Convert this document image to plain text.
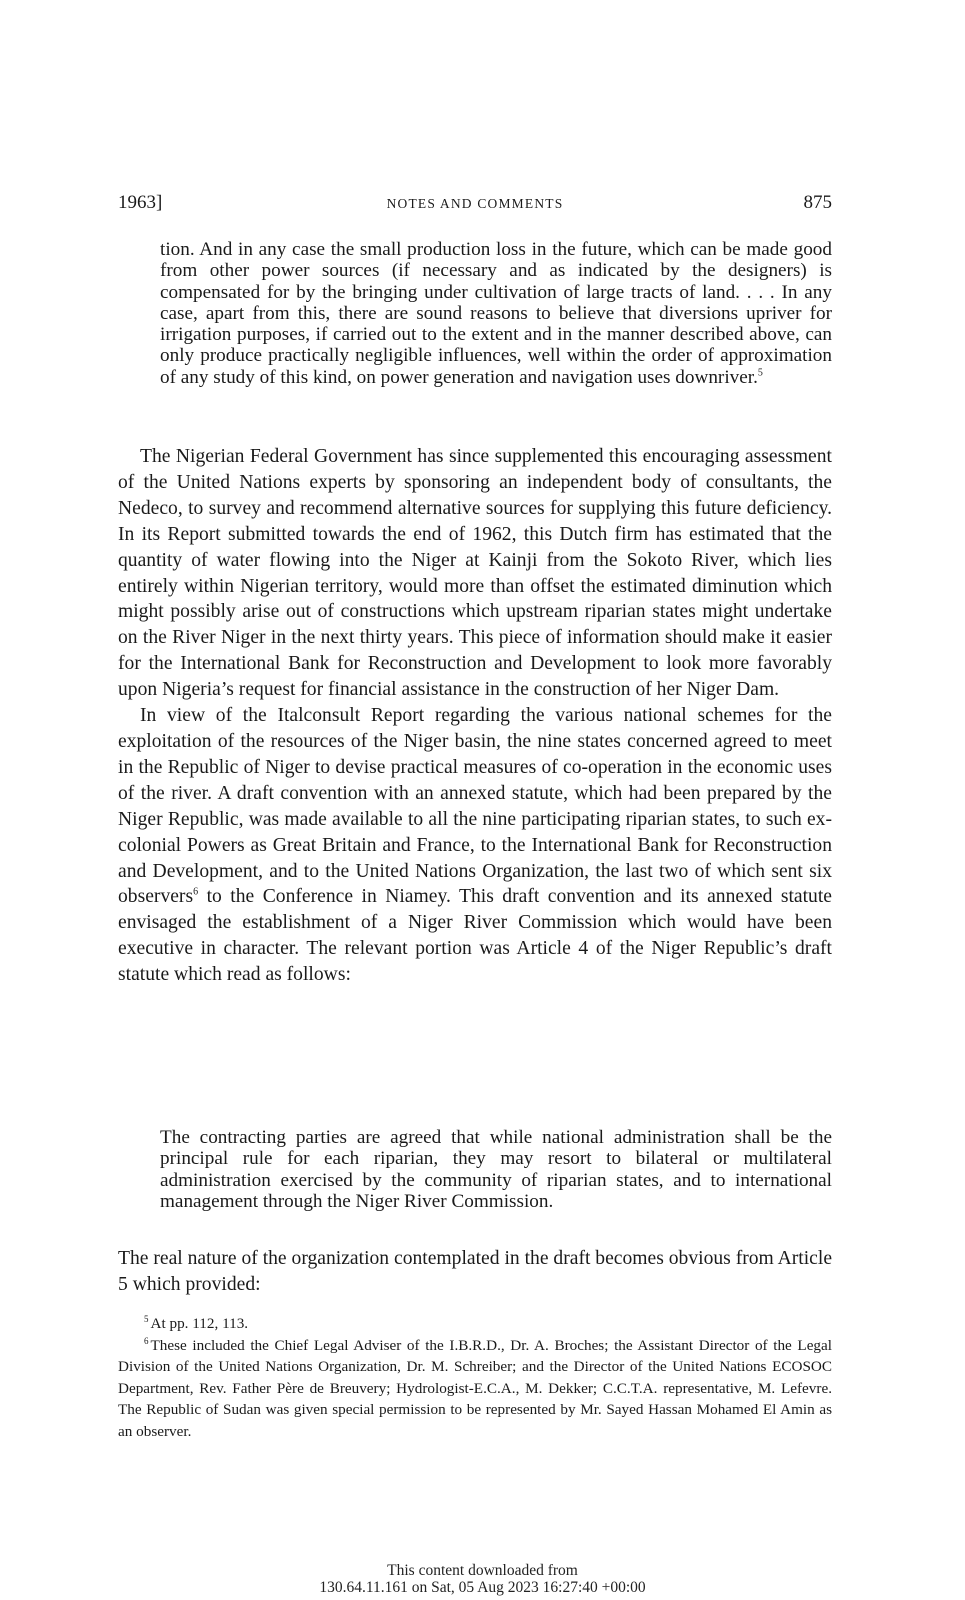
1963]	NOTES AND COMMENTS	875

tion. And in any case the small production loss in the future, which can be made good from other power sources (if necessary and as indicated by the designers) is compensated for by the bringing under cultivation of large tracts of land. . . . In any case, apart from this, there are sound reasons to believe that diversions upriver for irrigation purposes, if carried out to the extent and in the manner described above, can only produce practically negligible influences, well within the order of approximation of any study of this kind, on power generation and navigation uses downriver.$^5$

The Nigerian Federal Government has since supplemented this encouraging assessment of the United Nations experts by sponsoring an independent body of consultants, the Nedeco, to survey and recommend alternative sources for supplying this future deficiency. In its Report submitted towards the end of 1962, this Dutch firm has estimated that the quantity of water flowing into the Niger at Kainji from the Sokoto River, which lies entirely within Nigerian territory, would more than offset the estimated diminution which might possibly arise out of constructions which upstream riparian states might undertake on the River Niger in the next thirty years. This piece of information should make it easier for the International Bank for Reconstruction and Development to look more favorably upon Nigeria’s request for financial assistance in the construction of her Niger Dam.

In view of the Italconsult Report regarding the various national schemes for the exploitation of the resources of the Niger basin, the nine states concerned agreed to meet in the Republic of Niger to devise practical measures of co-operation in the economic uses of the river. A draft convention with an annexed statute, which had been prepared by the Niger Republic, was made available to all the nine participating riparian states, to such ex-colonial Powers as Great Britain and France, to the International Bank for Reconstruction and Development, and to the United Nations Organization, the last two of which sent six observers$^6$ to the Conference in Niamey. This draft convention and its annexed statute envisaged the establishment of a Niger River Commission which would have been executive in character. The relevant portion was Article 4 of the Niger Republic’s draft statute which read as follows:

The contracting parties are agreed that while national administration shall be the principal rule for each riparian, they may resort to bilateral or multilateral administration exercised by the community of riparian states, and to international management through the Niger River Commission.

The real nature of the organization contemplated in the draft becomes obvious from Article 5 which provided:

$^5$ At pp. 112, 113.

$^6$ These included the Chief Legal Adviser of the I.B.R.D., Dr. A. Broches; the Assistant Director of the Legal Division of the United Nations Organization, Dr. M. Schreiber; and the Director of the United Nations ECOSOC Department, Rev. Father Père de Breuvery; Hydrologist-E.C.A., M. Dekker; C.C.T.A. representative, M. Lefevre. The Republic of Sudan was given special permission to be represented by Mr. Sayed Hassan Mohamed El Amin as an observer.

This content downloaded from
130.64.11.161 on Sat, 05 Aug 2023 16:27:40 +00:00
